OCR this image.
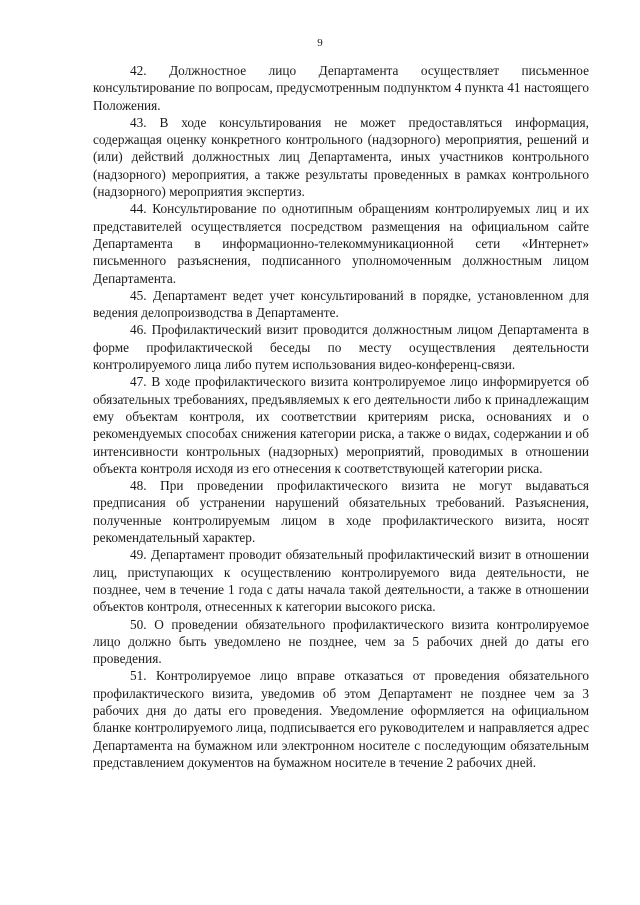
9

42. Должностное лицо Департамента осуществляет письменное консультирование по вопросам, предусмотренным подпунктом 4 пункта 41 настоящего Положения.

43. В ходе консультирования не может предоставляться информация, содержащая оценку конкретного контрольного (надзорного) мероприятия, решений и (или) действий должностных лиц Департамента, иных участников контрольного (надзорного) мероприятия, а также результаты проведенных в рамках контрольного (надзорного) мероприятия экспертиз.

44. Консультирование по однотипным обращениям контролируемых лиц и их представителей осуществляется посредством размещения на официальном сайте Департамента в информационно-телекоммуникационной сети «Интернет» письменного разъяснения, подписанного уполномоченным должностным лицом Департамента.

45. Департамент ведет учет консультирований в порядке, установленном для ведения делопроизводства в Департаменте.

46. Профилактический визит проводится должностным лицом Департамента в форме профилактической беседы по месту осуществления деятельности контролируемого лица либо путем использования видео-конференц-связи.

47. В ходе профилактического визита контролируемое лицо информируется об обязательных требованиях, предъявляемых к его деятельности либо к принадлежащим ему объектам контроля, их соответствии критериям риска, основаниях и о рекомендуемых способах снижения категории риска, а также о видах, содержании и об интенсивности контрольных (надзорных) мероприятий, проводимых в отношении объекта контроля исходя из его отнесения к соответствующей категории риска.

48. При проведении профилактического визита не могут выдаваться предписания об устранении нарушений обязательных требований. Разъяснения, полученные контролируемым лицом в ходе профилактического визита, носят рекомендательный характер.

49. Департамент проводит обязательный профилактический визит в отношении лиц, приступающих к осуществлению контролируемого вида деятельности, не позднее, чем в течение 1 года с даты начала такой деятельности, а также в отношении объектов контроля, отнесенных к категории высокого риска.

50. О проведении обязательного профилактического визита контролируемое лицо должно быть уведомлено не позднее, чем за 5 рабочих дней до даты его проведения.

51. Контролируемое лицо вправе отказаться от проведения обязательного профилактического визита, уведомив об этом Департамент не позднее чем за 3 рабочих дня до даты его проведения. Уведомление оформляется на официальном бланке контролируемого лица, подписывается его руководителем и направляется адрес Департамента на бумажном или электронном носителе с последующим обязательным представлением документов на бумажном носителе в течение 2 рабочих дней.
